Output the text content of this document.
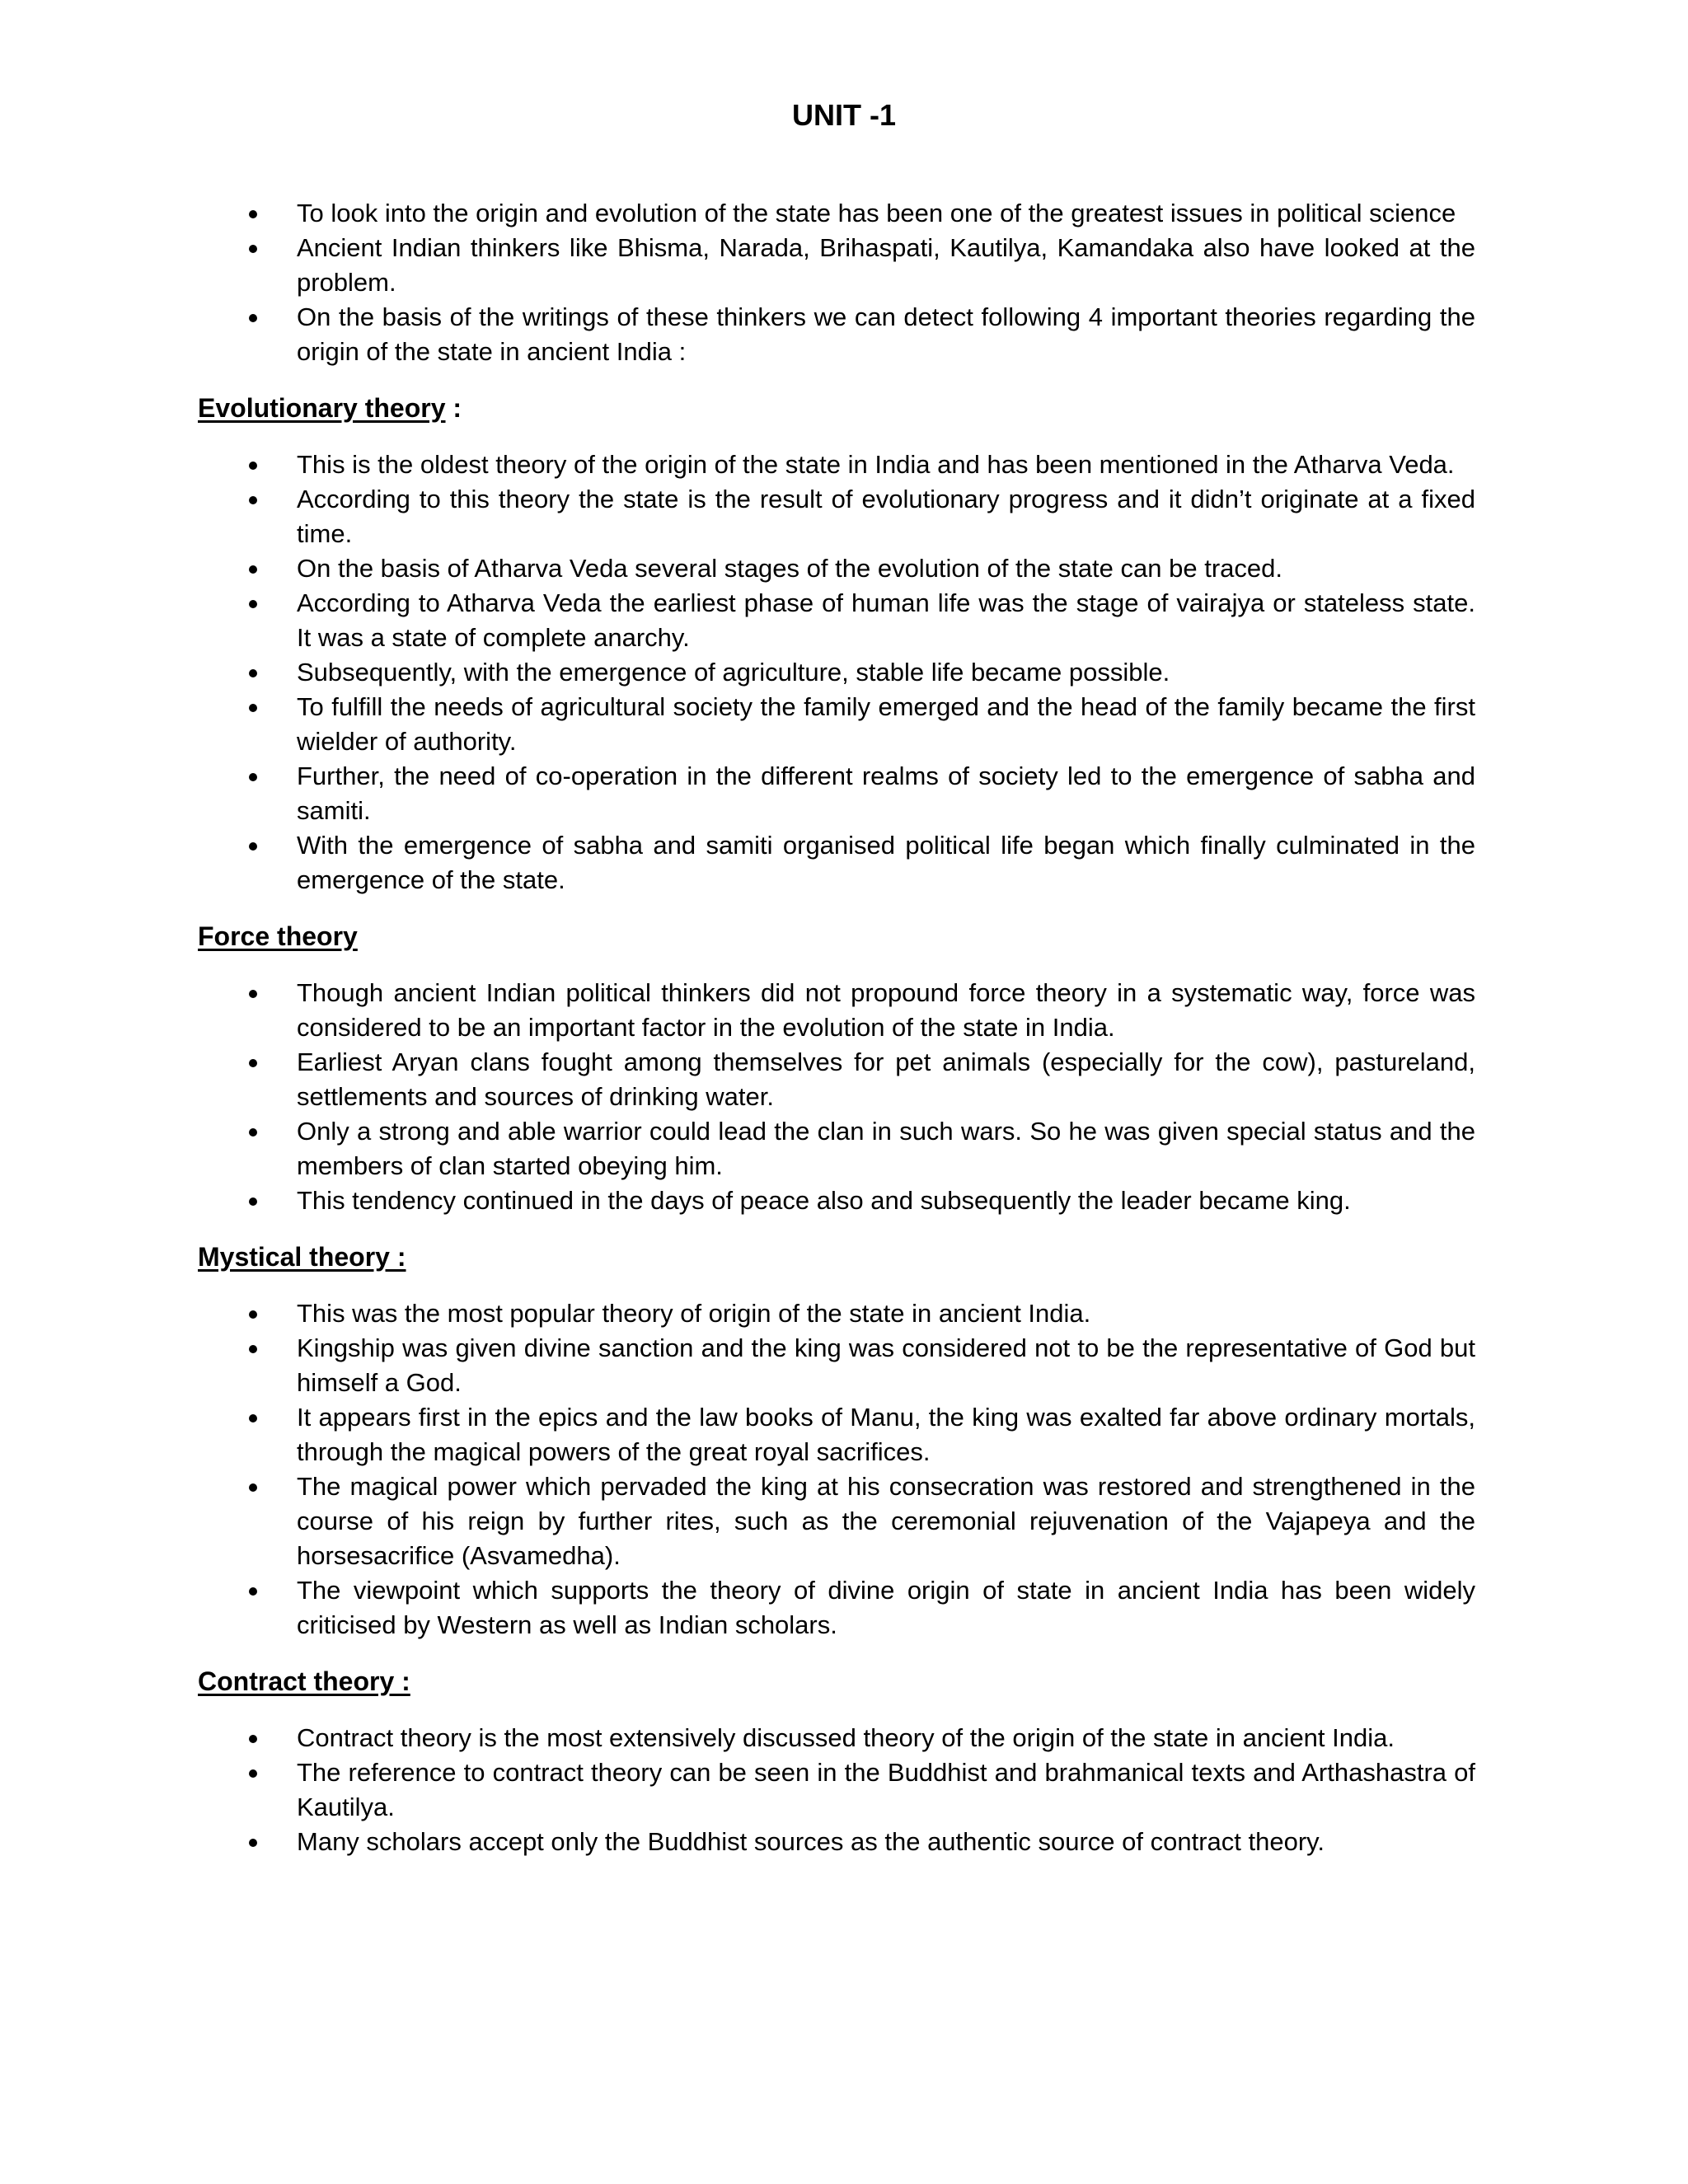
UNIT -1
To look into the origin and evolution of the state has been one of the greatest issues in political science
Ancient Indian thinkers like Bhisma, Narada, Brihaspati, Kautilya, Kamandaka also have looked at the problem.
On the basis of the writings of these thinkers we can detect following 4 important theories regarding the origin of the state in ancient India :
Evolutionary theory :
This is the oldest theory of the origin of the state in India and has been mentioned in the Atharva Veda.
According to this theory the state is the result of evolutionary progress and it didn’t originate at a fixed time.
On the basis of Atharva Veda several stages of the evolution of the state can be traced.
According to Atharva Veda the earliest phase of human life was the stage of vairajya or stateless state. It was a state of complete anarchy.
Subsequently, with the emergence of agriculture, stable life became possible.
To fulfill the needs of agricultural society the family emerged and the head of the family became the first wielder of authority.
Further, the need of co-operation in the different realms of society led to the emergence of sabha and samiti.
With the emergence of sabha and samiti organised political life began which finally culminated in the emergence of the state.
Force theory
Though ancient Indian political thinkers did not propound force theory in a systematic way, force was considered to be an important factor in the evolution of the state in India.
Earliest Aryan clans fought among themselves for pet animals (especially for the cow), pastureland, settlements and sources of drinking water.
Only a strong and able warrior could lead the clan in such wars. So he was given special status and the members of clan started obeying him.
This tendency continued in the days of peace also and subsequently the leader became king.
Mystical theory :
This was the most popular theory of origin of the state in ancient India.
Kingship was given divine sanction and the king was considered not to be the representative of God but himself a God.
It appears first in the epics and the law books of Manu, the king was exalted far above ordinary mortals, through the magical powers of the great royal sacrifices.
The magical power which pervaded the king at his consecration was restored and strengthened in the course of his reign by further rites, such as the ceremonial rejuvenation of the Vajapeya and the horsesacrifice (Asvamedha).
The viewpoint which supports the theory of divine origin of state in ancient India has been widely criticised by Western as well as Indian scholars.
Contract theory :
Contract theory is the most extensively discussed theory of the origin of the state in ancient India.
The reference to contract theory can be seen in the Buddhist and brahmanical texts and Arthashastra of Kautilya.
Many scholars accept only the Buddhist sources as the authentic source of contract theory.
